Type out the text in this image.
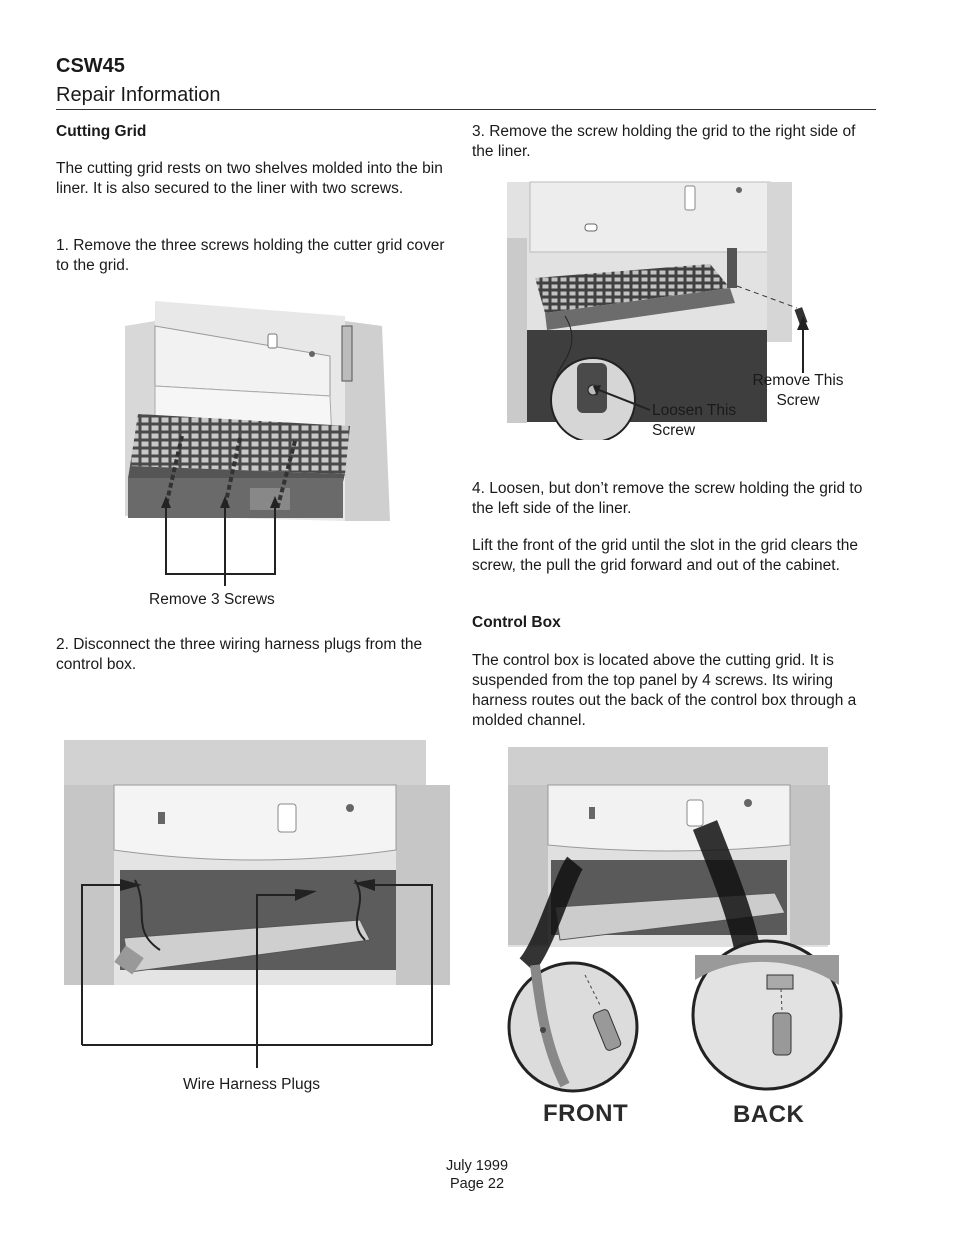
CSW45
Repair Information
Cutting Grid
The cutting grid rests on two shelves molded into the bin liner. It is also secured to the liner with two screws.
1. Remove the three screws holding the cutter grid cover to the grid.
Remove 3 Screws
2. Disconnect the three wiring harness plugs from the control box.
Wire Harness Plugs
3. Remove the screw holding the grid to the right side of the liner.
Remove This Screw
Loosen This Screw
4. Loosen, but don’t remove the screw holding the grid to the left side of the liner.
Lift the front of the grid until the slot in the grid clears the screw, the pull the grid forward and out of the cabinet.
Control Box
The control box is located above the cutting grid. It is suspended from the top panel by 4 screws. Its wiring harness routes out the back of the control box through a molded channel.
FRONT	BACK
July 1999
Page 22
